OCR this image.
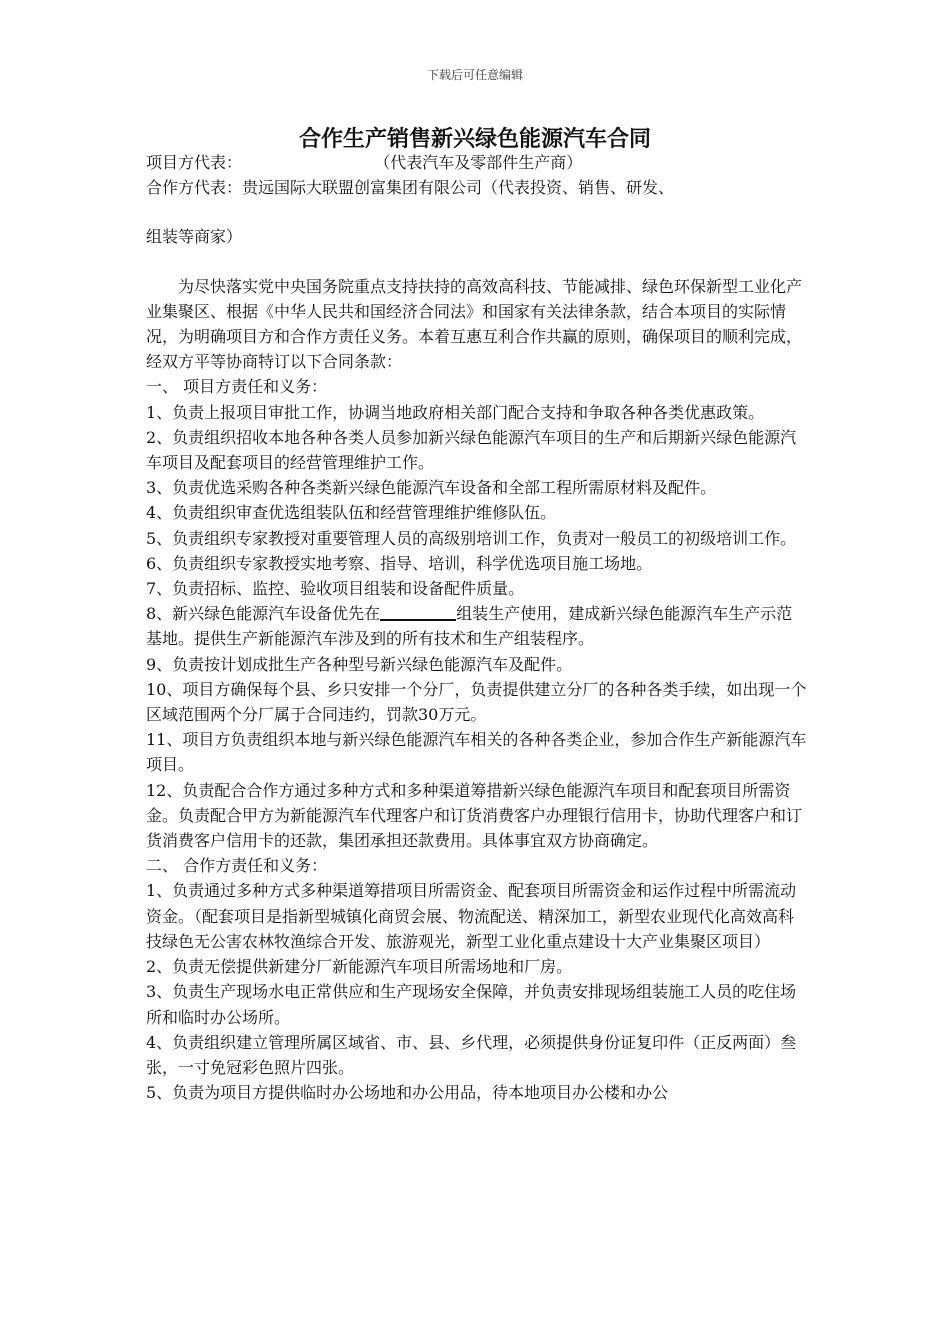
下载后可任意编辑
合作生产销售新兴绿色能源汽车合同

项目方代表：	（代表汽车及零部件生产商）

合作方代表：贵远国际大联盟创富集团有限公司（代表投资、销售、研发、

组装等商家）

为尽快落实党中央国务院重点支持扶持的高效高科技、节能减排、绿色环保新型工业化产业集聚区、根据《中华人民共和国经济合同法》和国家有关法律条款，结合本项目的实际情况，为明确项目方和合作方责任义务。本着互惠互利合作共赢的原则，确保项目的顺利完成，经双方平等协商特订以下合同条款：

一、 项目方责任和义务：

1、负责上报项目审批工作，协调当地政府相关部门配合支持和争取各种各类优惠政策。

2、负责组织招收本地各种各类人员参加新兴绿色能源汽车项目的生产和后期新兴绿色能源汽车项目及配套项目的经营管理维护工作。

3、负责优选采购各种各类新兴绿色能源汽车设备和全部工程所需原材料及配件。

4、负责组织审查优选组装队伍和经营管理维护维修队伍。

5、负责组织专家教授对重要管理人员的高级别培训工作，负责对一般员工的初级培训工作。6、负责组织专家教授实地考察、指导、培训，科学优选项目施工场地。

7、负责招标、监控、验收项目组装和设备配件质量。

8、新兴绿色能源汽车设备优先在	组装生产使用，建成新兴绿色能源汽车生产示范基地。提供生产新能源汽车涉及到的所有技术和生产组装程序。

9、负责按计划成批生产各种型号新兴绿色能源汽车及配件。

10、项目方确保每个县、乡只安排一个分厂，负责提供建立分厂的各种各类手续，如出现一个区域范围两个分厂属于合同违约，罚款30万元。

11、项目方负责组织本地与新兴绿色能源汽车相关的各种各类企业，参加合作生产新能源汽车项目。

12、负责配合合作方通过多种方式和多种渠道筹措新兴绿色能源汽车项目和配套项目所需资金。负责配合甲方为新能源汽车代理客户和订货消费客户办理银行信用卡，协助代理客户和订货消费客户信用卡的还款，集团承担还款费用。具体事宜双方协商确定。

二、 合作方责任和义务：

1、负责通过多种方式多种渠道筹措项目所需资金、配套项目所需资金和运作过程中所需流动资金。（配套项目是指新型城镇化商贸会展、物流配送、精深加工，新型农业现代化高效高科技绿色无公害农林牧渔综合开发、旅游观光，新型工业化重点建设十大产业集聚区项目）

2、负责无偿提供新建分厂新能源汽车项目所需场地和厂房。

3、负责生产现场水电正常供应和生产现场安全保障，并负责安排现场组装施工人员的吃住场所和临时办公场所。

4、负责组织建立管理所属区域省、市、县、乡代理，必须提供身份证复印件（正反两面）叁张，一寸免冠彩色照片四张。

5、负责为项目方提供临时办公场地和办公用品，待本地项目办公楼和办公
